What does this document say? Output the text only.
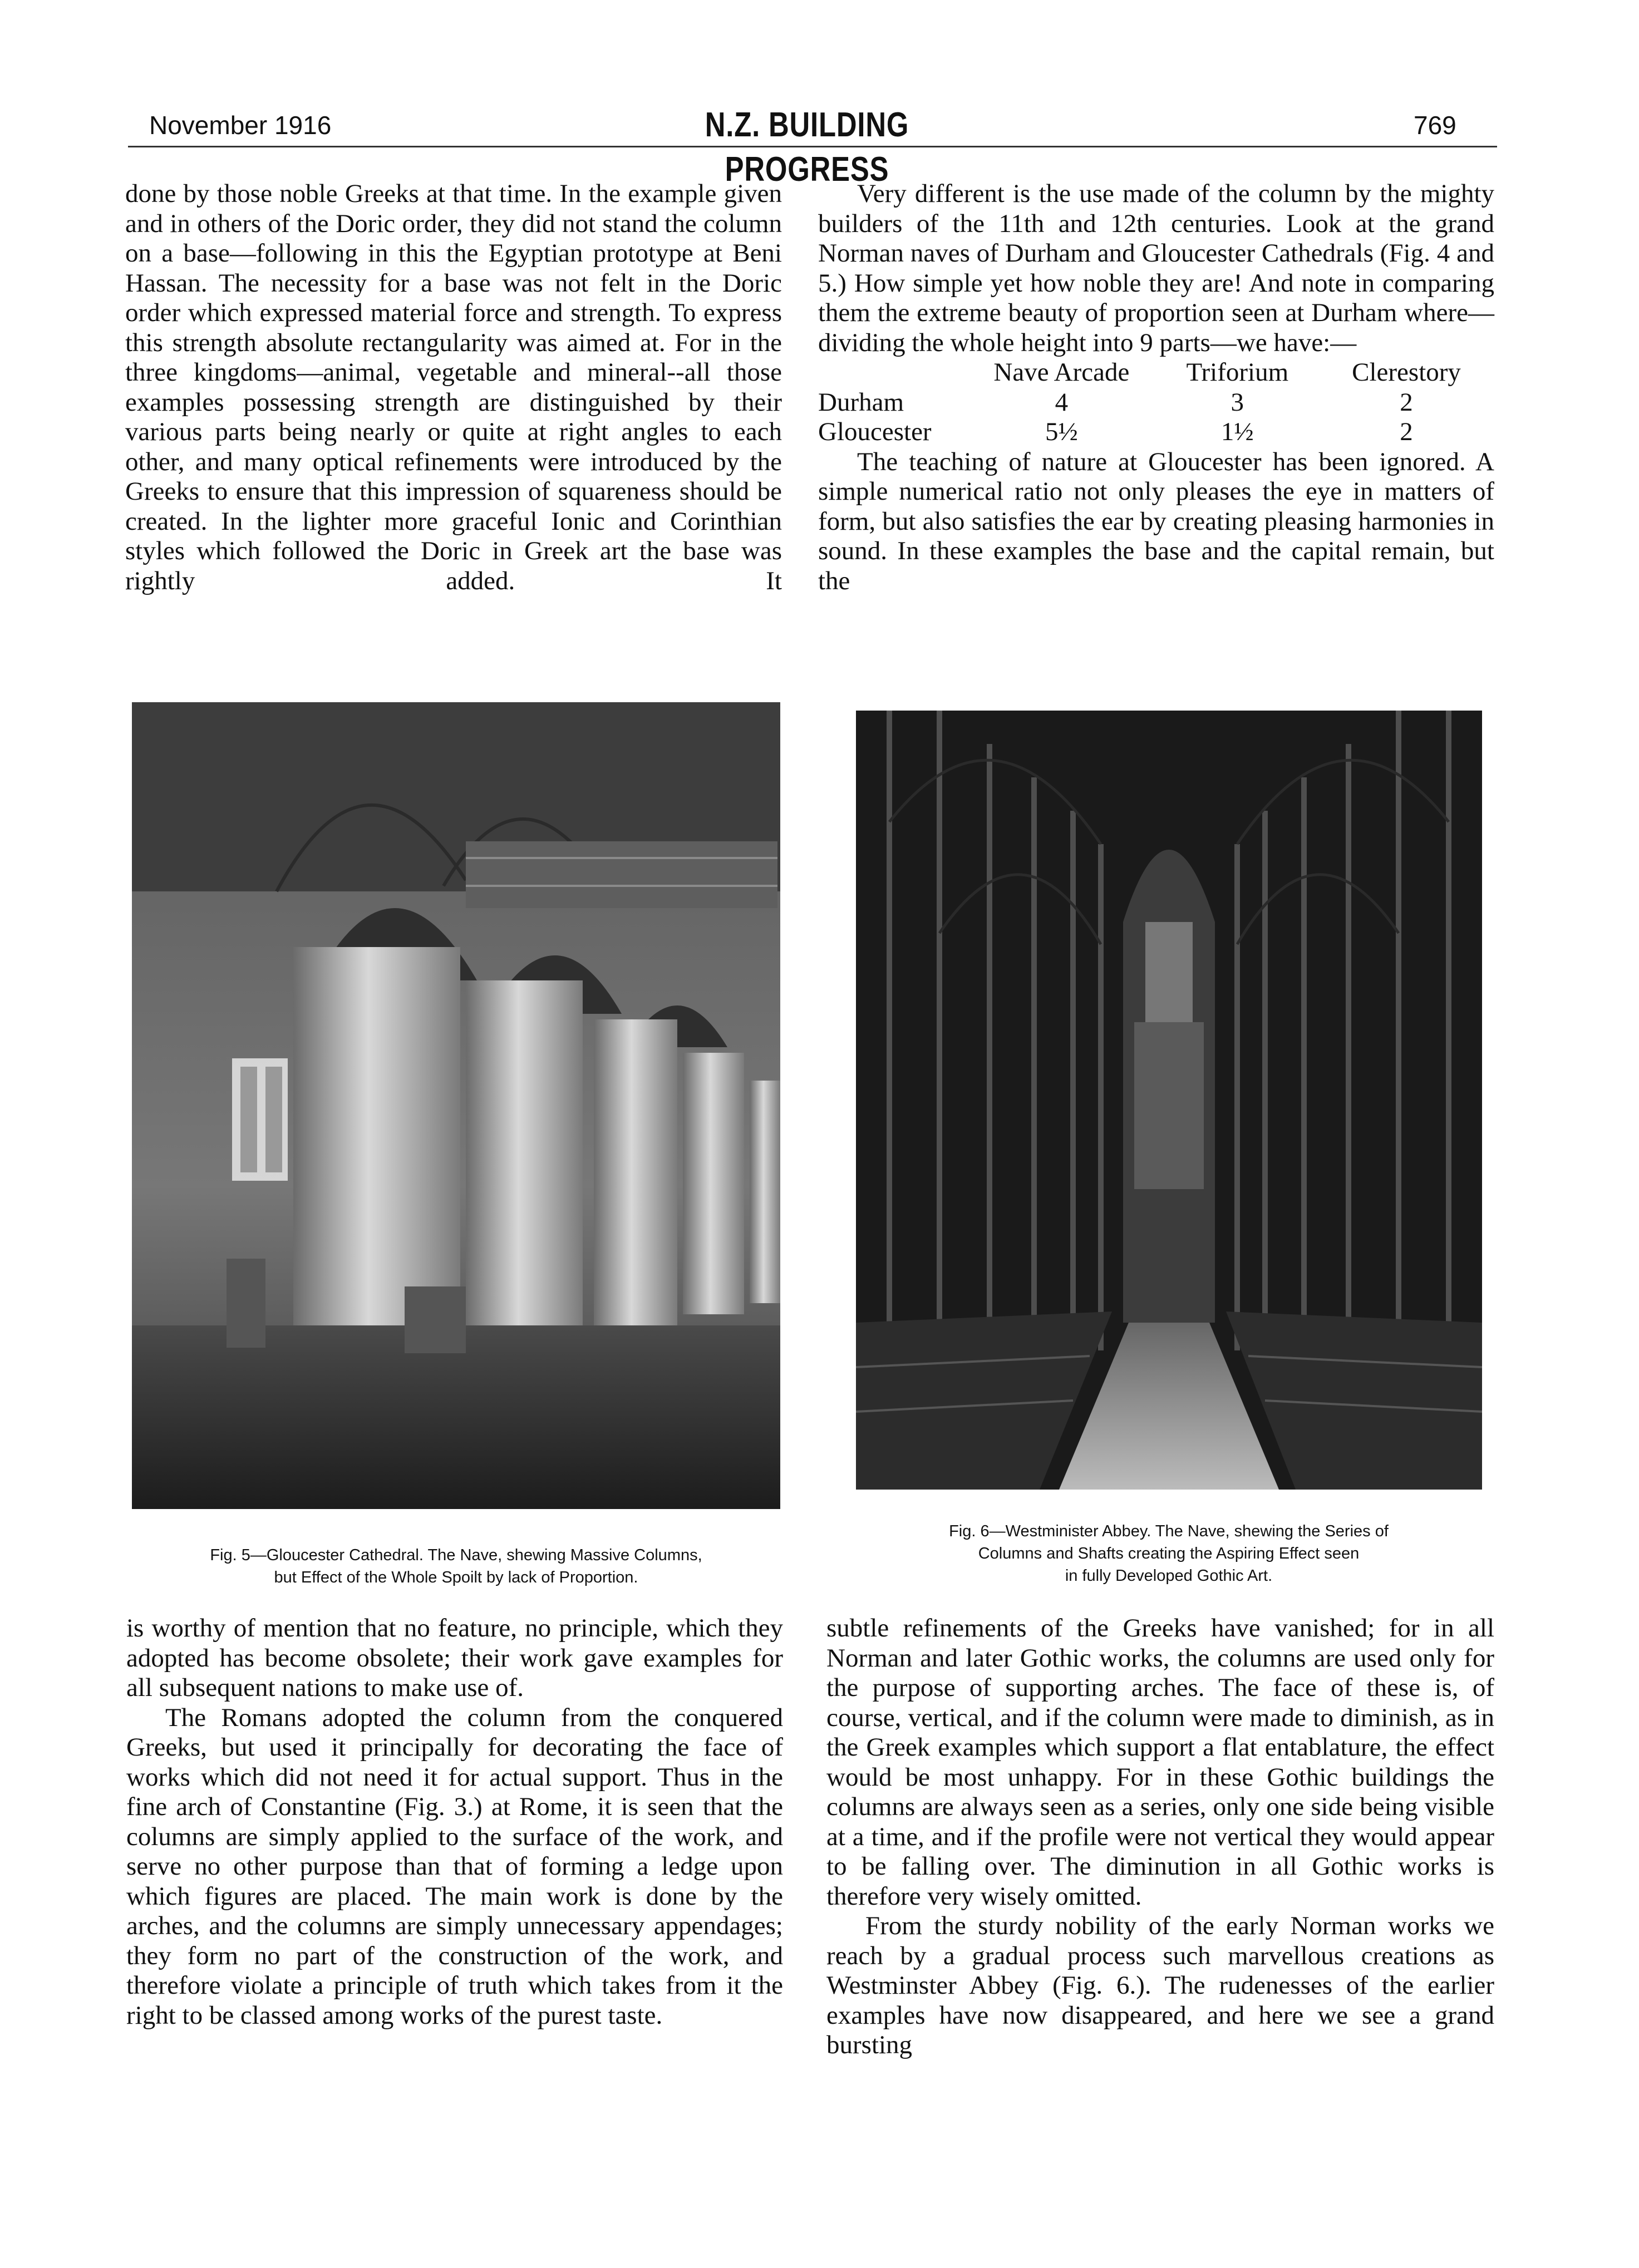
November 1916	N.Z. BUILDING PROGRESS
769

done by those noble Greeks at that time. In the example given and in others of the Doric order, they did not stand the column on a base—following in this the Egyptian prototype at Beni Hassan. The necessity for a base was not felt in the Doric order which expressed material force and strength. To express this strength absolute rectangularity was aimed at. For in the three kingdoms—animal, vegetable and mineral--all those examples possessing strength are distinguished by their various parts being nearly or quite at right angles to each other, and many optical refinements were introduced by the Greeks to ensure that this impression of squareness should be created. In the lighter more graceful Ionic and Corinthian styles which followed the Doric in Greek art the base was rightly added. It

Very different is the use made of the column by the mighty builders of the 11th and 12th centuries. Look at the grand Norman naves of Durham and Gloucester Cathedrals (Fig. 4 and 5.) How simple yet how noble they are! And note in comparing them the extreme beauty of proportion seen at Durham where—dividing the whole height into 9 parts—we have:—

	Nave Arcade	Triforium	Clerestory
Durham	4	3	2
Gloucester	5½	1½	2

The teaching of nature at Gloucester has been ignored. A simple numerical ratio not only pleases the eye in matters of form, but also satisfies the ear by creating pleasing harmonies in sound. In these examples the base and the capital remain, but the

Fig. 5—Gloucester Cathedral. The Nave, shewing Massive Columns,
but Effect of the Whole Spoilt by lack of Proportion.
Fig. 6—Westminister Abbey. The Nave, shewing the Series of
Columns and Shafts creating the Aspiring Effect seen
in fully Developed Gothic Art.

is worthy of mention that no feature, no principle, which they adopted has become obsolete; their work gave examples for all subsequent nations to make use of.

The Romans adopted the column from the conquered Greeks, but used it principally for decorating the face of works which did not need it for actual support. Thus in the fine arch of Constantine (Fig. 3.) at Rome, it is seen that the columns are simply applied to the surface of the work, and serve no other purpose than that of forming a ledge upon which figures are placed. The main work is done by the arches, and the columns are simply unnecessary appendages; they form no part of the construction of the work, and therefore violate a principle of truth which takes from it the right to be classed among works of the purest taste.

subtle refinements of the Greeks have vanished; for in all Norman and later Gothic works, the columns are used only for the purpose of supporting arches. The face of these is, of course, vertical, and if the column were made to diminish, as in the Greek examples which support a flat entablature, the effect would be most unhappy. For in these Gothic buildings the columns are always seen as a series, only one side being visible at a time, and if the profile were not vertical they would appear to be falling over. The diminution in all Gothic works is therefore very wisely omitted.

From the sturdy nobility of the early Norman works we reach by a gradual process such marvellous creations as Westminster Abbey (Fig. 6.). The rudenesses of the earlier examples have now disappeared, and here we see a grand bursting
